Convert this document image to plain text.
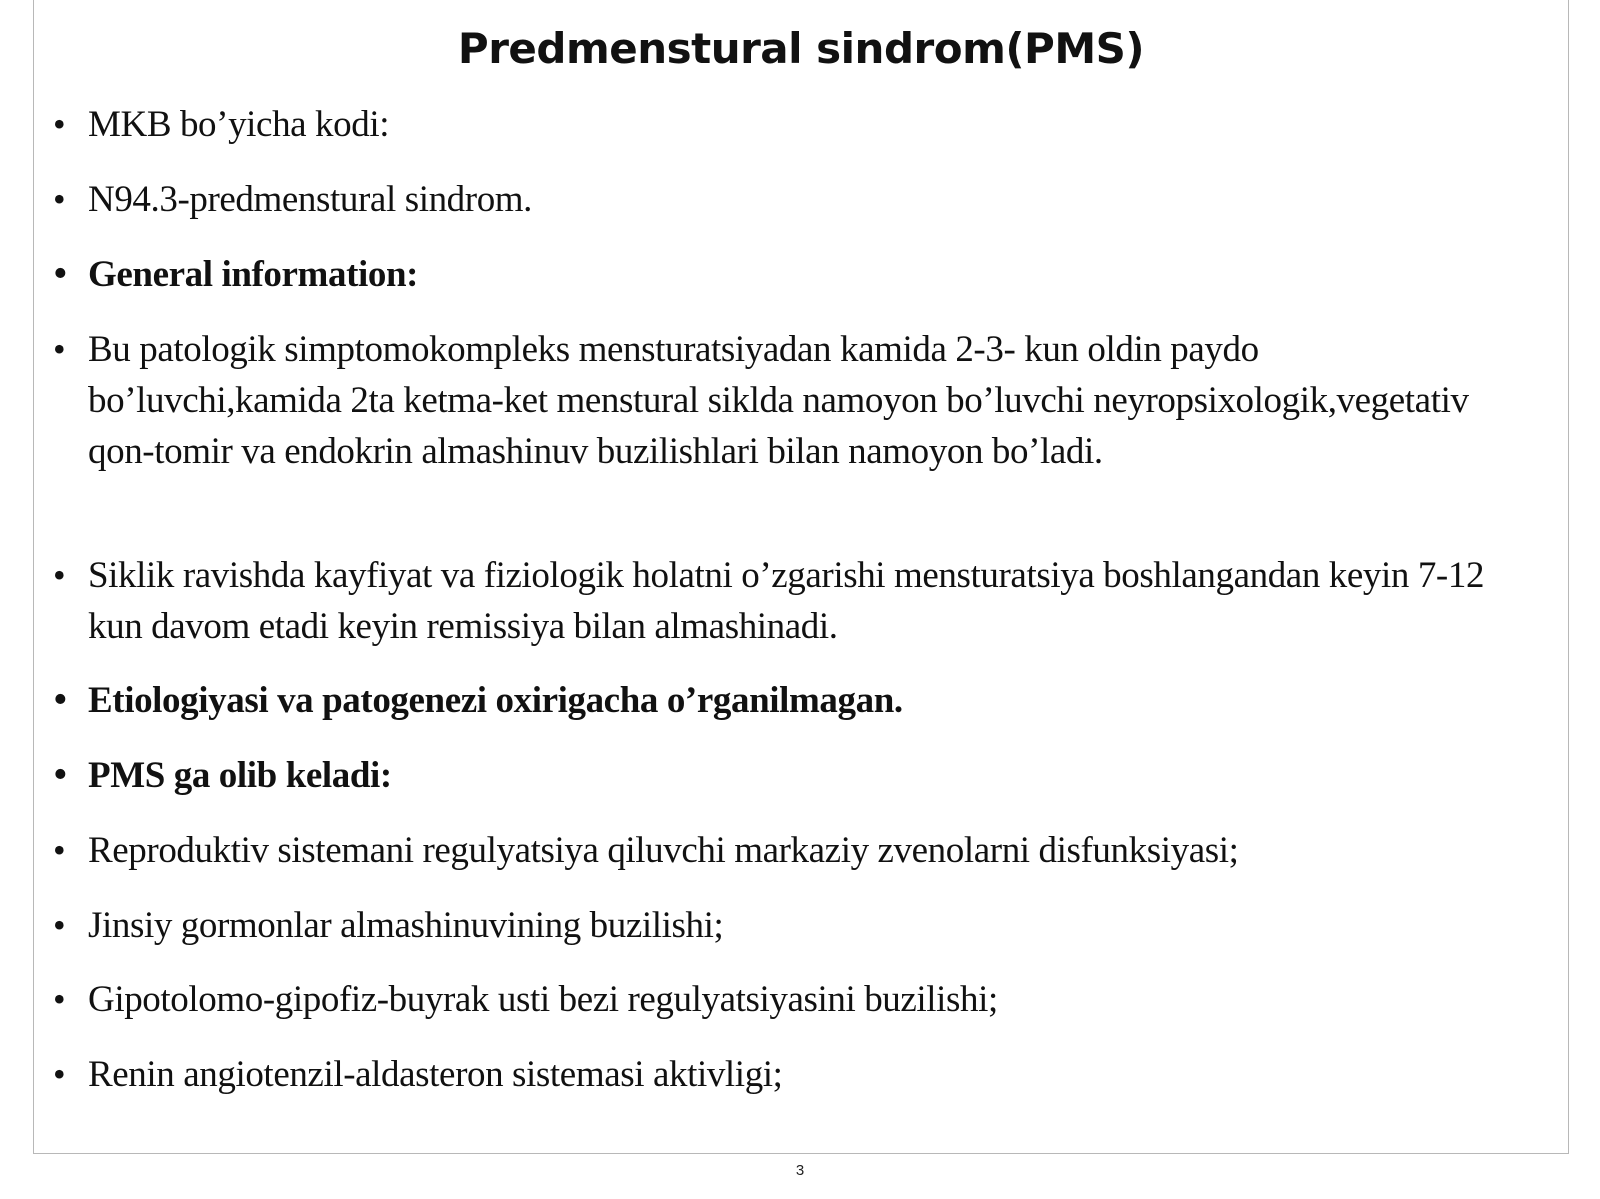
Predmenstural sindrom(PMS)
• MKB bo’yicha kodi:
• N94.3-predmenstural sindrom.
• General information:
• Bu patologik simptomokompleks mensturatsiyadan kamida 2-3- kun oldin paydo bo’luvchi,kamida 2ta ketma-ket menstural siklda namoyon bo’luvchi neyropsixologik,vegetativ qon-tomir va endokrin almashinuv buzilishlari bilan namoyon bo’ladi.
• Siklik ravishda kayfiyat va fiziologik holatni o’zgarishi mensturatsiya boshlangandan keyin 7-12 kun davom etadi keyin remissiya bilan almashinadi.
• Etiologiyasi va patogenezi oxirigacha o’rganilmagan.
• PMS ga olib keladi:
• Reproduktiv sistemani regulyatsiya qiluvchi markaziy zvenolarni disfunksiyasi;
• Jinsiy gormonlar almashinuvining buzilishi;
• Gipotolomo-gipofiz-buyrak usti bezi regulyatsiyasini buzilishi;
• Renin angiotenzil-aldasteron sistemasi aktivligi;
3
